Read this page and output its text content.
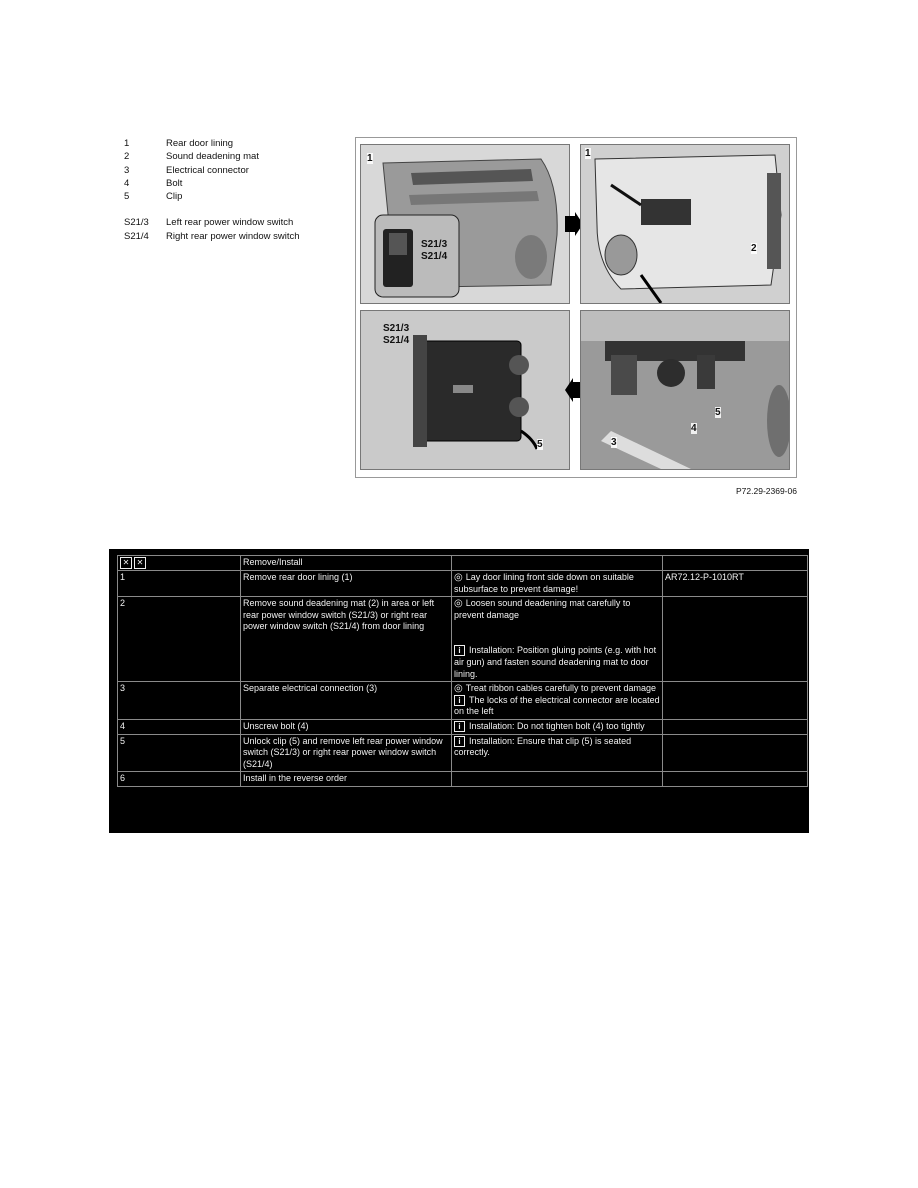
1	Rear door lining
2	Sound deadening mat
3	Electrical connector
4	Bolt
5	Clip
S21/3	Left rear power window switch
S21/4	Right rear power window switch
1
S21/3
S21/4
1
2
S21/3
S21/4
5	3
4
5
P72.29-2369-06
✕ ✕	Remove/Install		
1	Remove rear door lining (1)	◎ Lay door lining front side down on suitable subsurface to prevent damage!	AR72.12-P-1010RT
2	Remove sound deadening mat (2) in area or left rear power window switch (S21/3) or right rear power window switch (S21/4) from door lining	◎ Loosen sound deadening mat carefully to prevent damage
i Installation: Position gluing points (e.g. with hot air gun) and fasten sound deadening mat to door lining.	
3	Separate electrical connection (3)	◎ Treat ribbon cables carefully to prevent damage
i The locks of the electrical connector are located on the left	
4	Unscrew bolt (4)	i Installation: Do not tighten bolt (4) too tightly	
5	Unlock clip (5) and remove left rear power window switch (S21/3) or right rear power window switch (S21/4)	i Installation: Ensure that clip (5) is seated correctly.	
6	Install in the reverse order		
